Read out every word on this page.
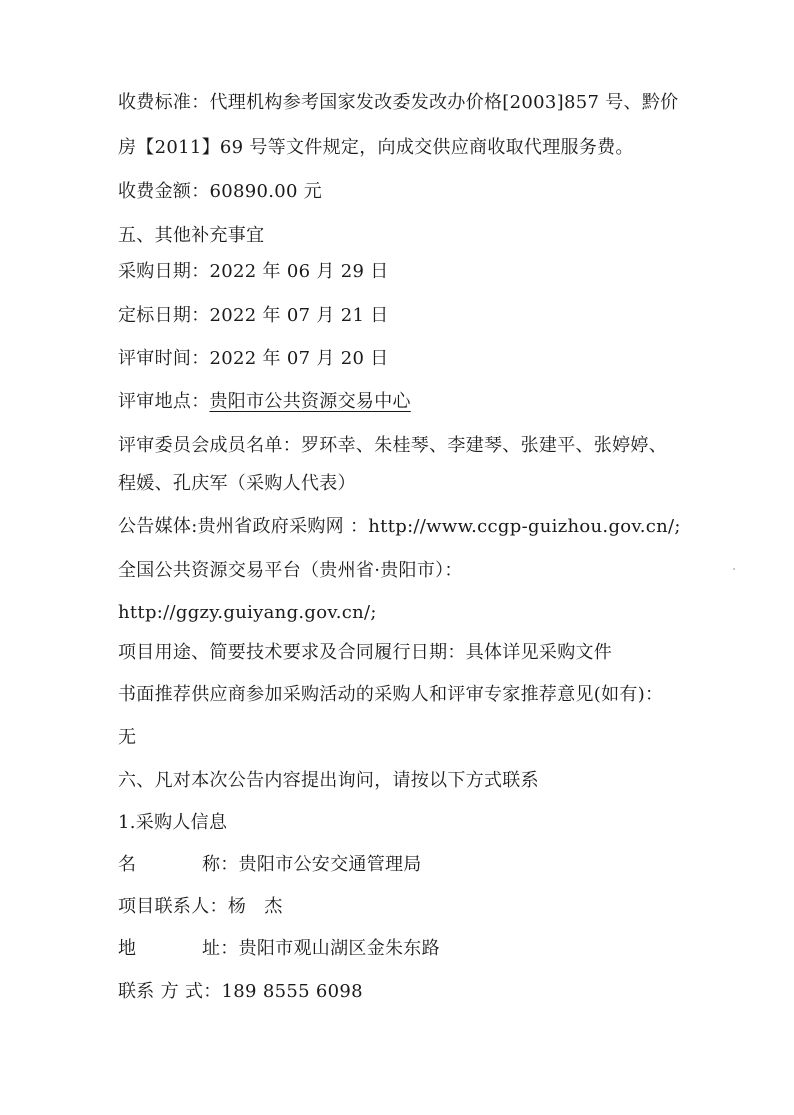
收费标准：代理机构参考国家发改委发改办价格[2003]857 号、黔价
房【2011】69 号等文件规定，向成交供应商收取代理服务费。
收费金额：60890.00 元
五、其他补充事宜
采购日期：2022 年 06 月 29 日
定标日期：2022 年 07 月 21 日
评审时间：2022 年 07 月 20 日
评审地点：贵阳市公共资源交易中心
评审委员会成员名单：罗环幸、朱桂琴、李建琴、张建平、张婷婷、
程媛、孔庆军（采购人代表）
公告媒体:贵州省政府采购网 ：http://www.ccgp-guizhou.gov.cn/;
全国公共资源交易平台（贵州省·贵阳市）：
http://ggzy.guiyang.gov.cn/;
项目用途、简要技术要求及合同履行日期：具体详见采购文件
书面推荐供应商参加采购活动的采购人和评审专家推荐意见(如有)：
无
六、凡对本次公告内容提出询问，请按以下方式联系
1.采购人信息
名	称：贵阳市公安交通管理局
项目联系人：杨　杰
地	址：贵阳市观山湖区金朱东路
联系 方 式：189 8555 6098
